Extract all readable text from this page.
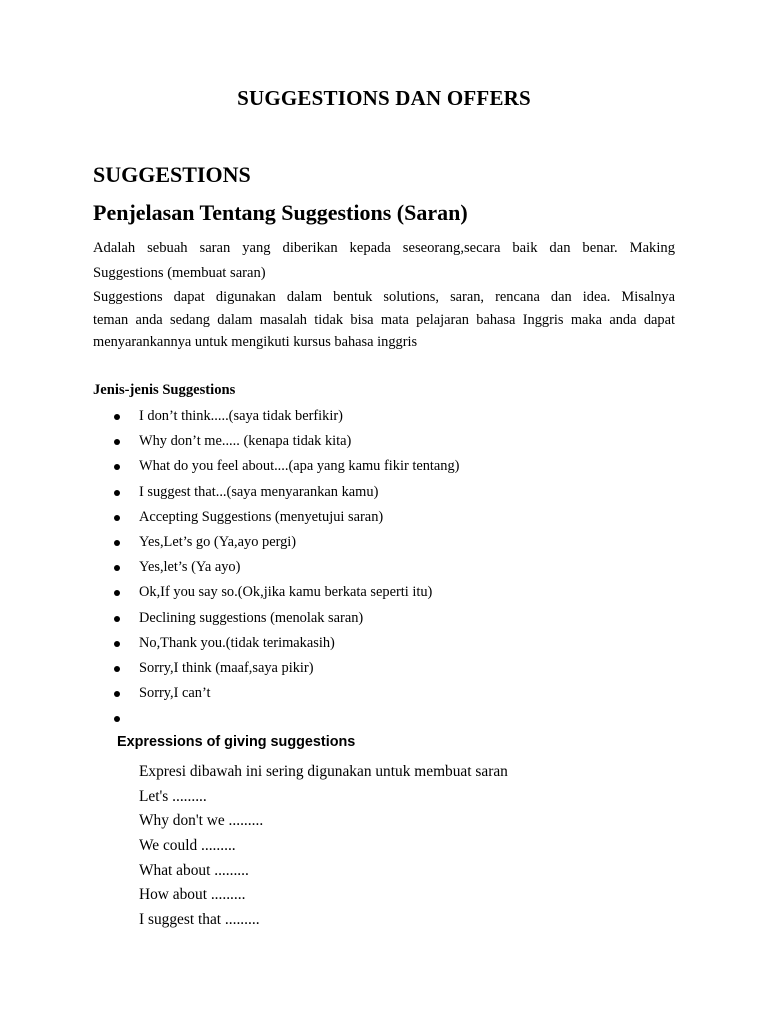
SUGGESTIONS DAN OFFERS
SUGGESTIONS
Penjelasan Tentang Suggestions (Saran)
Adalah sebuah saran yang diberikan kepada seseorang,secara baik dan benar. Making
Suggestions (membuat saran)
Suggestions dapat digunakan dalam bentuk solutions, saran, rencana dan idea. Misalnya
teman anda sedang dalam masalah tidak bisa mata pelajaran bahasa Inggris maka anda dapat
menyarankannya untuk mengikuti kursus bahasa inggris
Jenis-jenis Suggestions
I don’t think.....(saya tidak berfikir)
Why don’t me..... (kenapa tidak kita)
What do you feel about....(apa yang kamu fikir tentang)
I suggest that...(saya menyarankan kamu)
Accepting Suggestions (menyetujui saran)
Yes,Let’s go (Ya,ayo pergi)
Yes,let’s (Ya ayo)
Ok,If you say so.(Ok,jika kamu berkata seperti itu)
Declining suggestions (menolak saran)
No,Thank you.(tidak terimakasih)
Sorry,I think (maaf,saya pikir)
Sorry,I can’t
Expressions of giving suggestions
Expresi dibawah ini sering digunakan untuk membuat saran
Let's .........
Why don't we .........
We could .........
What about .........
How about .........
I suggest that .........
